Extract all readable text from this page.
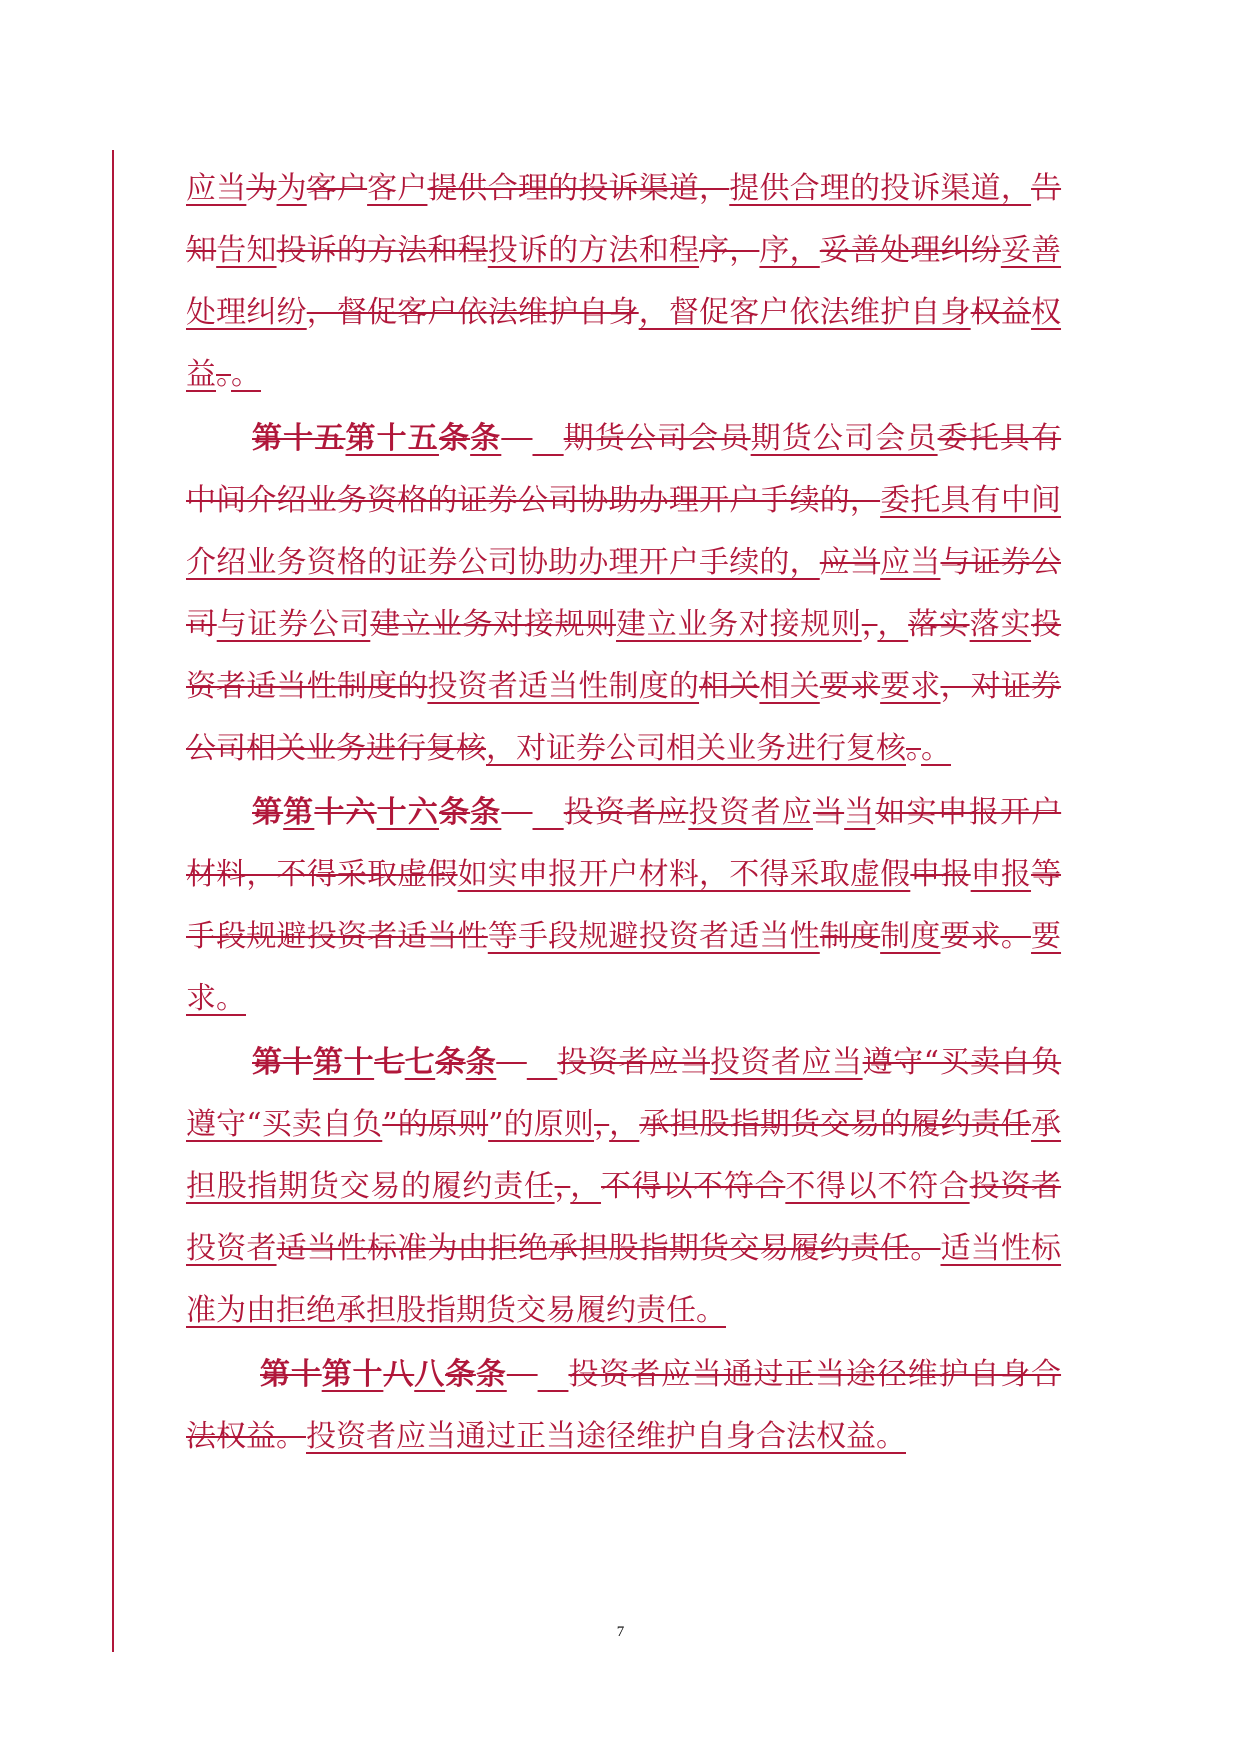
应当为为客户客户提供合理的投诉渠道，提供合理的投诉渠道，告知告知投诉的方法和程投诉的方法和程序，序，妥善处理纠纷妥善处理纠纷，督促客户依法维护自身，督促客户依法维护自身权益权益。。

第十五第十五条条　　 期货公司会员期货公司会员委托具有中间介绍业务资格的证券公司协助办理开户手续的，委托具有中间介绍业务资格的证券公司协助办理开户手续的，应当应当与证券公司与证券公司建立业务对接规则建立业务对接规则，，落实落实投资者适当性制度的投资者适当性制度的相关相关要求要求，对证券公司相关业务进行复核，对证券公司相关业务进行复核。。

第第十六十六条条　　 投资者应投资者应当当如实申报开户材料，不得采取虚假如实申报开户材料，不得采取虚假申报申报等手段规避投资者适当性等手段规避投资者适当性制度制度要求。要求。

第十第十七七条条　　 投资者应当投资者应当遵守“买卖自负遵守“买卖自负”的原则”的原则，，承担股指期货交易的履约责任承担股指期货交易的履约责任，，不得以不符合不得以不符合投资者投资者适当性标准为由拒绝承担股指期货交易履约责任。适当性标准为由拒绝承担股指期货交易履约责任。

第十第十八八条条　　 投资者应当通过正当途径维护自身合法权益。投资者应当通过正当途径维护自身合法权益。

7
